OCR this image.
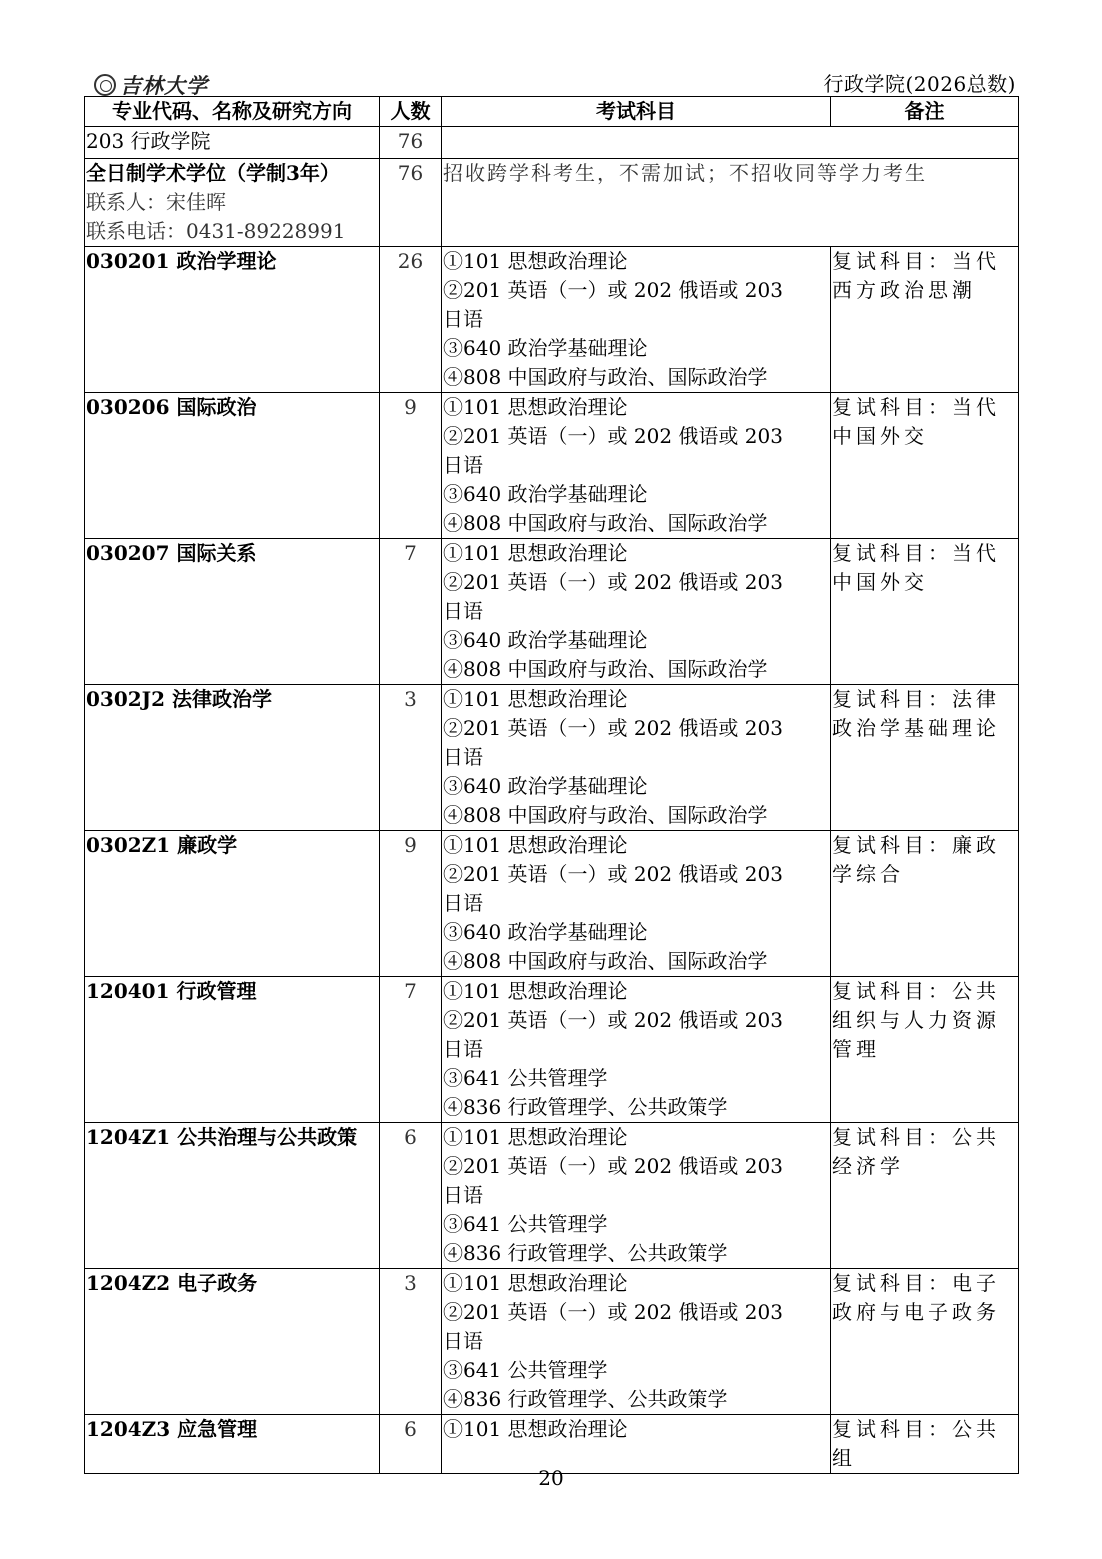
吉林大学	行政学院(2026总数)
专业代码、名称及研究方向	人数	考试科目	备注
203 行政学院	76		

全日制学术学位（学制3年）
联系人：宋佳晖
联系电话：0431-89228991	76	招收跨学科考生，不需加试；不招收同等学力考生	
030201 政治学理论	26	①101 思想政治理论
②201 英语（一）或 202 俄语或 203
日语
③640 政治学基础理论
④808 中国政府与政治、国际政治学	复试科目：当代西方政治思潮
030206 国际政治	9	①101 思想政治理论
②201 英语（一）或 202 俄语或 203
日语
③640 政治学基础理论
④808 中国政府与政治、国际政治学	复试科目：当代中国外交
030207 国际关系	7	①101 思想政治理论
②201 英语（一）或 202 俄语或 203
日语
③640 政治学基础理论
④808 中国政府与政治、国际政治学	复试科目：当代中国外交
0302J2 法律政治学	3	①101 思想政治理论
②201 英语（一）或 202 俄语或 203
日语
③640 政治学基础理论
④808 中国政府与政治、国际政治学	复试科目：法律政治学基础理论
0302Z1 廉政学	9	①101 思想政治理论
②201 英语（一）或 202 俄语或 203
日语
③640 政治学基础理论
④808 中国政府与政治、国际政治学	复试科目：廉政学综合
120401 行政管理	7	①101 思想政治理论
②201 英语（一）或 202 俄语或 203
日语
③641 公共管理学
④836 行政管理学、公共政策学	复试科目：公共组织与人力资源管理
1204Z1 公共治理与公共政策	6	①101 思想政治理论
②201 英语（一）或 202 俄语或 203
日语
③641 公共管理学
④836 行政管理学、公共政策学	复试科目：公共经济学
1204Z2 电子政务	3	①101 思想政治理论
②201 英语（一）或 202 俄语或 203
日语
③641 公共管理学
④836 行政管理学、公共政策学	复试科目：电子政府与电子政务
1204Z3 应急管理	6	①101 思想政治理论	复试科目：公共组
20
